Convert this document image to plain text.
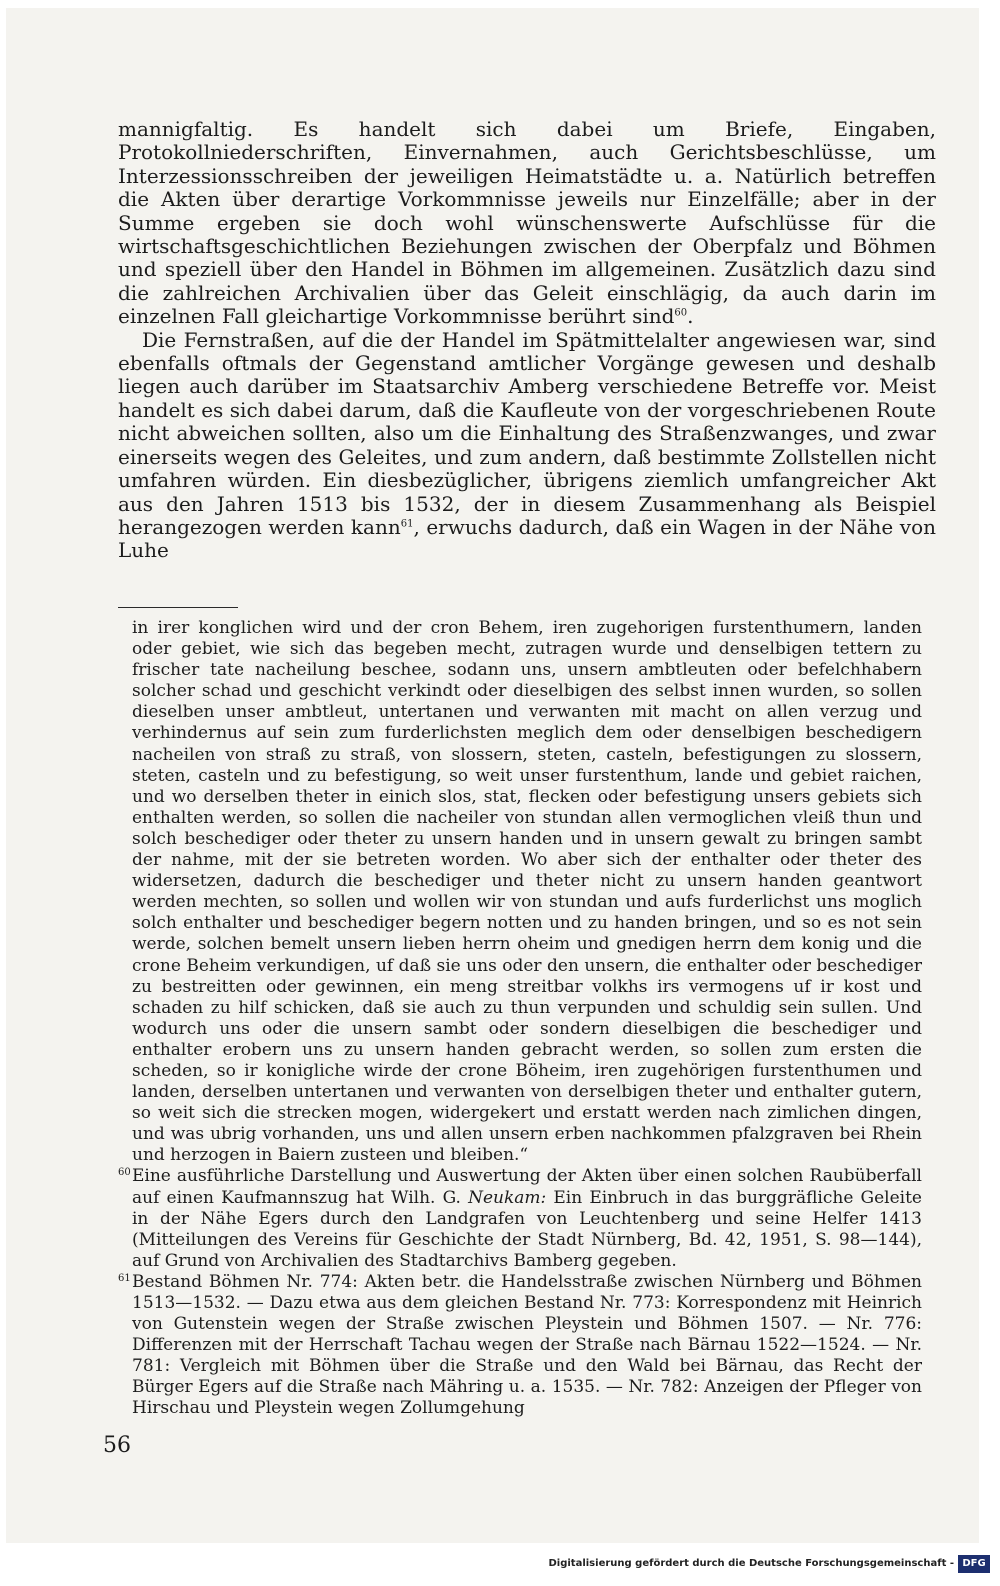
mannigfaltig. Es handelt sich dabei um Briefe, Eingaben, Protokollniederschriften, Einvernahmen, auch Gerichtsbeschlüsse, um Interzessionsschreiben der jeweiligen Heimatstädte u. a. Natürlich betreffen die Akten über derartige Vorkommnisse jeweils nur Einzelfälle; aber in der Summe ergeben sie doch wohl wünschenswerte Aufschlüsse für die wirtschaftsgeschichtlichen Beziehungen zwischen der Oberpfalz und Böhmen und speziell über den Handel in Böhmen im allgemeinen. Zusätzlich dazu sind die zahlreichen Archivalien über das Geleit einschlägig, da auch darin im einzelnen Fall gleichartige Vorkommnisse berührt sind$^{60}$.

Die Fernstraßen, auf die der Handel im Spätmittelalter angewiesen war, sind ebenfalls oftmals der Gegenstand amtlicher Vorgänge gewesen und deshalb liegen auch darüber im Staatsarchiv Amberg verschiedene Betreffe vor. Meist handelt es sich dabei darum, daß die Kaufleute von der vorgeschriebenen Route nicht abweichen sollten, also um die Einhaltung des Straßenzwanges, und zwar einerseits wegen des Geleites, und zum andern, daß bestimmte Zollstellen nicht umfahren würden. Ein diesbezüglicher, übrigens ziemlich umfangreicher Akt aus den Jahren 1513 bis 1532, der in diesem Zusammenhang als Beispiel herangezogen werden kann$^{61}$, erwuchs dadurch, daß ein Wagen in der Nähe von Luhe

in irer konglichen wird und der cron Behem, iren zugehorigen furstenthumern, landen oder gebiet, wie sich das begeben mecht, zutragen wurde und denselbigen tettern zu frischer tate nacheilung beschee, sodann uns, unsern ambtleuten oder befelchhabern solcher schad und geschicht verkindt oder dieselbigen des selbst innen wurden, so sollen dieselben unser ambtleut, untertanen und verwanten mit macht on allen verzug und verhindernus auf sein zum furderlichsten meglich dem oder denselbigen beschedigern nacheilen von straß zu straß, von slossern, steten, casteln, befestigungen zu slossern, steten, casteln und zu befestigung, so weit unser furstenthum, lande und gebiet raichen, und wo derselben theter in einich slos, stat, flecken oder befestigung unsers gebiets sich enthalten werden, so sollen die nacheiler von stundan allen vermoglichen vleiß thun und solch beschediger oder theter zu unsern handen und in unsern gewalt zu bringen sambt der nahme, mit der sie betreten worden. Wo aber sich der enthalter oder theter des widersetzen, dadurch die beschediger und theter nicht zu unsern handen geantwort werden mechten, so sollen und wollen wir von stundan und aufs furderlichst uns moglich solch enthalter und beschediger begern notten und zu handen bringen, und so es not sein werde, solchen bemelt unsern lieben herrn oheim und gnedigen herrn dem konig und die crone Beheim verkundigen, uf daß sie uns oder den unsern, die enthalter oder beschediger zu bestreitten oder gewinnen, ein meng streitbar volkhs irs vermogens uf ir kost und schaden zu hilf schicken, daß sie auch zu thun verpunden und schuldig sein sullen. Und wodurch uns oder die unsern sambt oder sondern dieselbigen die beschediger und enthalter erobern uns zu unsern handen gebracht werden, so sollen zum ersten die scheden, so ir konigliche wirde der crone Böheim, iren zugehörigen furstenthumen und landen, derselben untertanen und verwanten von derselbigen theter und enthalter gutern, so weit sich die strecken mogen, widergekert und erstatt werden nach zimlichen dingen, und was ubrig vorhanden, uns und allen unsern erben nachkommen pfalzgraven bei Rhein und herzogen in Baiern zusteen und bleiben.“

60 Eine ausführliche Darstellung und Auswertung der Akten über einen solchen Raubüberfall auf einen Kaufmannszug hat Wilh. G. Neukam: Ein Einbruch in das burggräfliche Geleite in der Nähe Egers durch den Landgrafen von Leuchtenberg und seine Helfer 1413 (Mitteilungen des Vereins für Geschichte der Stadt Nürnberg, Bd. 42, 1951, S. 98—144), auf Grund von Archivalien des Stadtarchivs Bamberg gegeben.

61 Bestand Böhmen Nr. 774: Akten betr. die Handelsstraße zwischen Nürnberg und Böhmen 1513—1532. — Dazu etwa aus dem gleichen Bestand Nr. 773: Korrespondenz mit Heinrich von Gutenstein wegen der Straße zwischen Pleystein und Böhmen 1507. — Nr. 776: Differenzen mit der Herrschaft Tachau wegen der Straße nach Bärnau 1522—1524. — Nr. 781: Vergleich mit Böhmen über die Straße und den Wald bei Bärnau, das Recht der Bürger Egers auf die Straße nach Mähring u. a. 1535. — Nr. 782: Anzeigen der Pfleger von Hirschau und Pleystein wegen Zollumgehung

56
Digitalisierung gefördert durch die Deutsche Forschungsgemeinschaft - DFG
